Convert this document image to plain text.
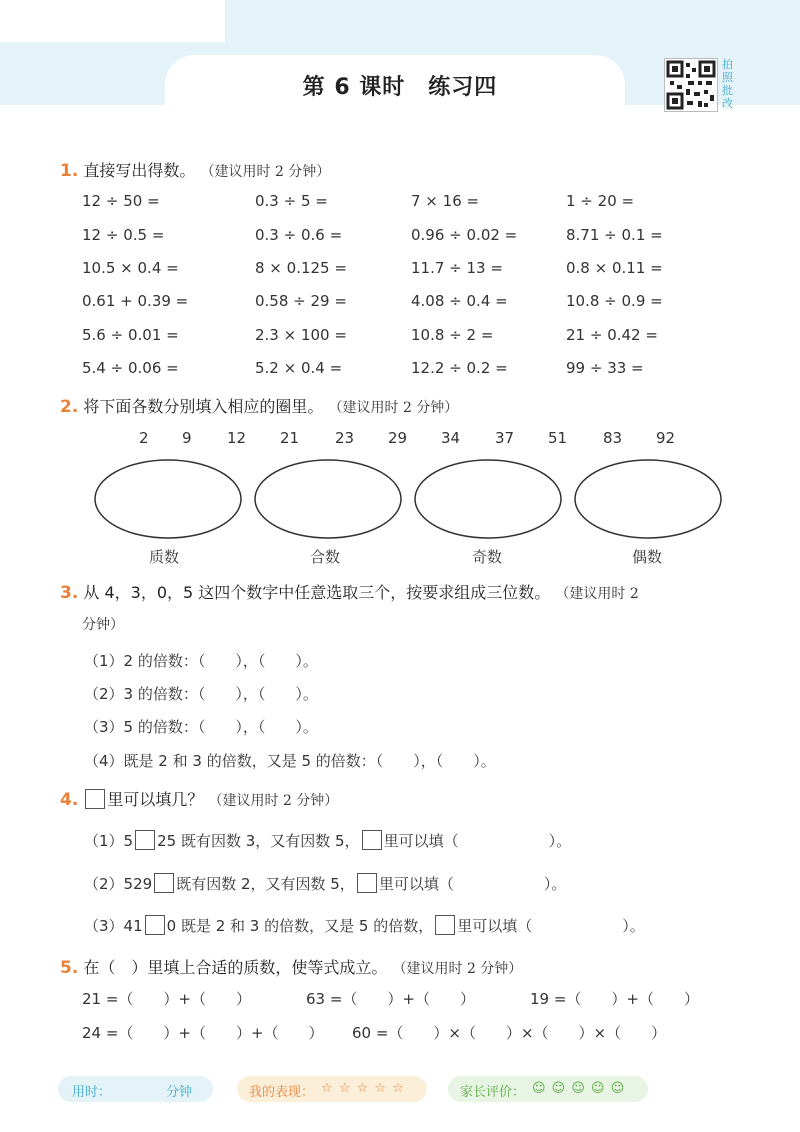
第 6 课时　练习四
拍照批改
1. 直接写出得数。 （建议用时 2 分钟）
12 ÷ 50 =	0.3 ÷ 5 =	7 × 16 =	1 ÷ 20 =
12 ÷ 0.5 =	0.3 ÷ 0.6 =	0.96 ÷ 0.02 =	8.71 ÷ 0.1 =
10.5 × 0.4 =	8 × 0.125 =	11.7 ÷ 13 =	0.8 × 0.11 =
0.61 + 0.39 =	0.58 ÷ 29 =	4.08 ÷ 0.4 =	10.8 ÷ 0.9 =
5.6 ÷ 0.01 =	2.3 × 100 =	10.8 ÷ 2 =	21 ÷ 0.42 =
5.4 ÷ 0.06 =	5.2 × 0.4 =	12.2 ÷ 0.2 =	99 ÷ 33 =
2. 将下面各数分别填入相应的圈里。 （建议用时 2 分钟）
2 9 12 21 23 29 34 37 51 83 92
质数	合数	奇数	偶数
3. 从 4，3，0，5 这四个数字中任意选取三个，按要求组成三位数。 （建议用时 2
分钟）
（1）2 的倍数：（　　），（　　）。
（2）3 的倍数：（　　），（　　）。
（3）5 的倍数：（　　），（　　）。
（4）既是 2 和 3 的倍数，又是 5 的倍数：（　　），（　　）。
4. 里可以填几？ （建议用时 2 分钟）
（1）5 25 既有因数 3，又有因数 5， 里可以填（　　　　　　）。
（2）529 既有因数 2，又有因数 5， 里可以填（　　　　　　）。
（3）41 0 既是 2 和 3 的倍数，又是 5 的倍数， 里可以填（　　　　　　）。
5. 在（　）里填上合适的质数，使等式成立。 （建议用时 2 分钟）
21 =（　　）+（　　）	63 =（　　）+（　　）	19 =（　　）+（　　）
24 =（　　）+（　　）+（　　） 60 =（　　）×（　　）×（　　）×（　　）
用时：	分钟	我的表现： ☆ ☆ ☆ ☆ ☆	家长评价： ☺ ☺ ☺ ☺ ☺
